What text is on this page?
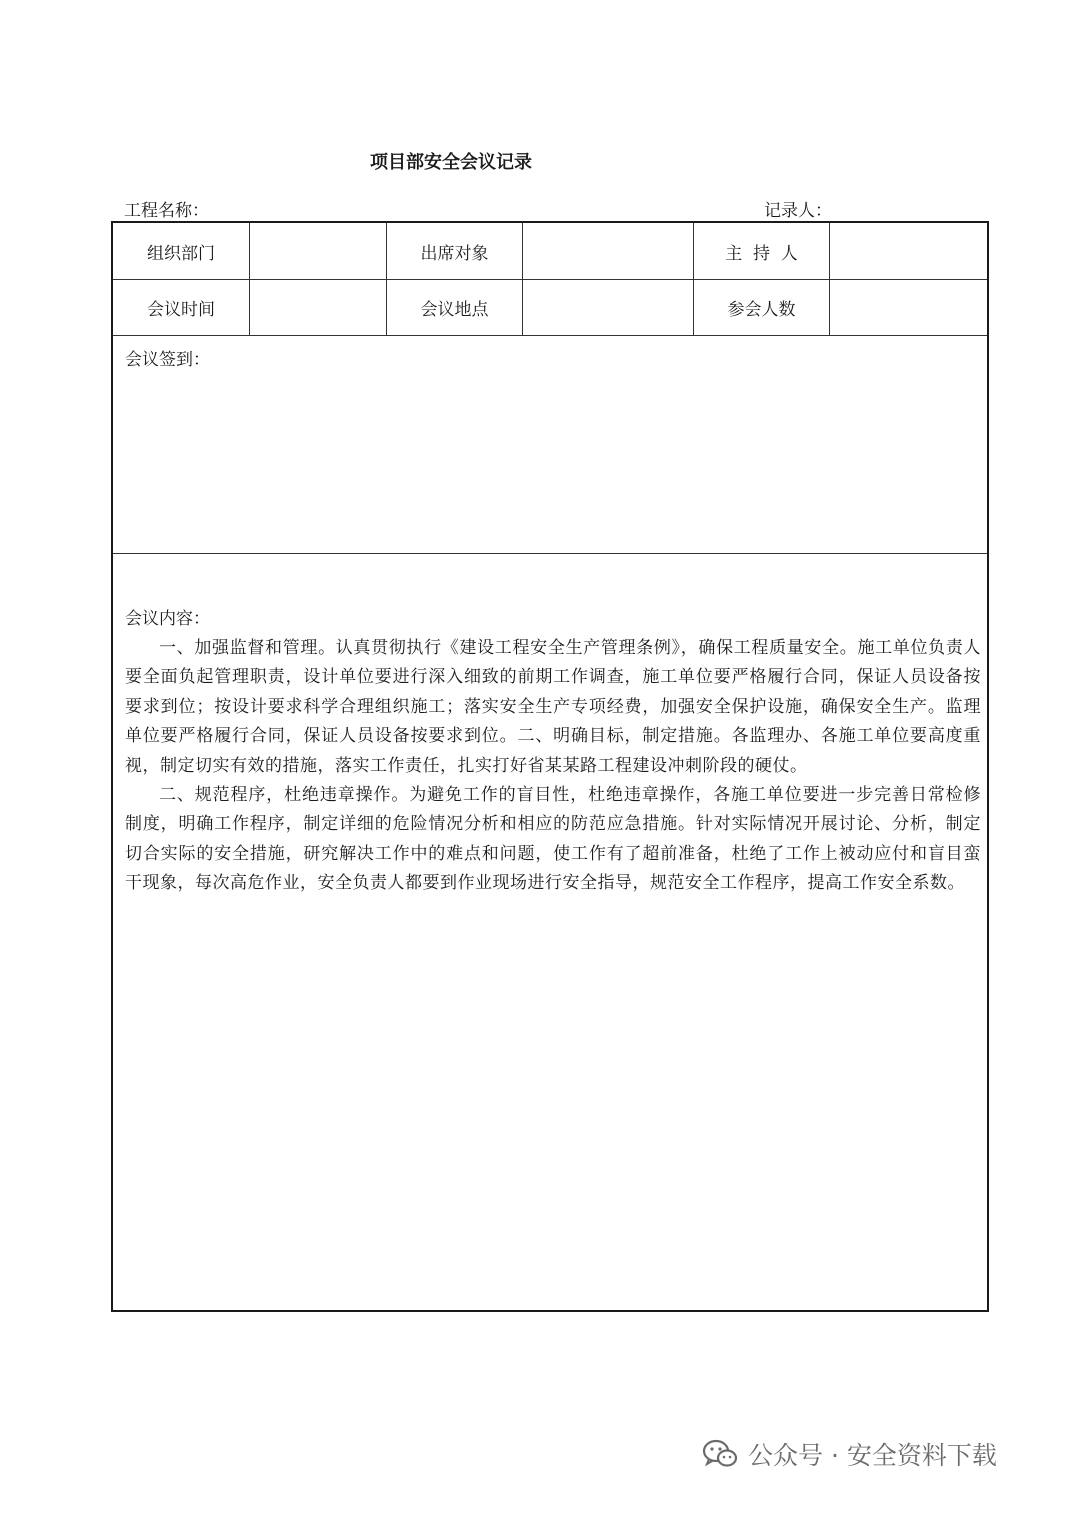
项目部安全会议记录
工程名称：	记录人：
组织部门	出席对象	主  持  人
会议时间	会议地点	参会人数
会议签到：
会议内容：

一、加强监督和管理。认真贯彻执行《建设工程安全生产管理条例》，确保工程质量安全。施工单位负责人要全面负起管理职责，设计单位要进行深入细致的前期工作调查，施工单位要严格履行合同，保证人员设备按要求到位；按设计要求科学合理组织施工；落实安全生产专项经费，加强安全保护设施，确保安全生产。监理单位要严格履行合同，保证人员设备按要求到位。二、明确目标，制定措施。各监理办、各施工单位要高度重视，制定切实有效的措施，落实工作责任，扎实打好省某某路工程建设冲刺阶段的硬仗。

二、规范程序，杜绝违章操作。为避免工作的盲目性，杜绝违章操作，各施工单位要进一步完善日常检修制度，明确工作程序，制定详细的危险情况分析和相应的防范应急措施。针对实际情况开展讨论、分析，制定切合实际的安全措施，研究解决工作中的难点和问题，使工作有了超前准备，杜绝了工作上被动应付和盲目蛮干现象，每次高危作业，安全负责人都要到作业现场进行安全指导，规范安全工作程序，提高工作安全系数。

公众号 · 安全资料下载
